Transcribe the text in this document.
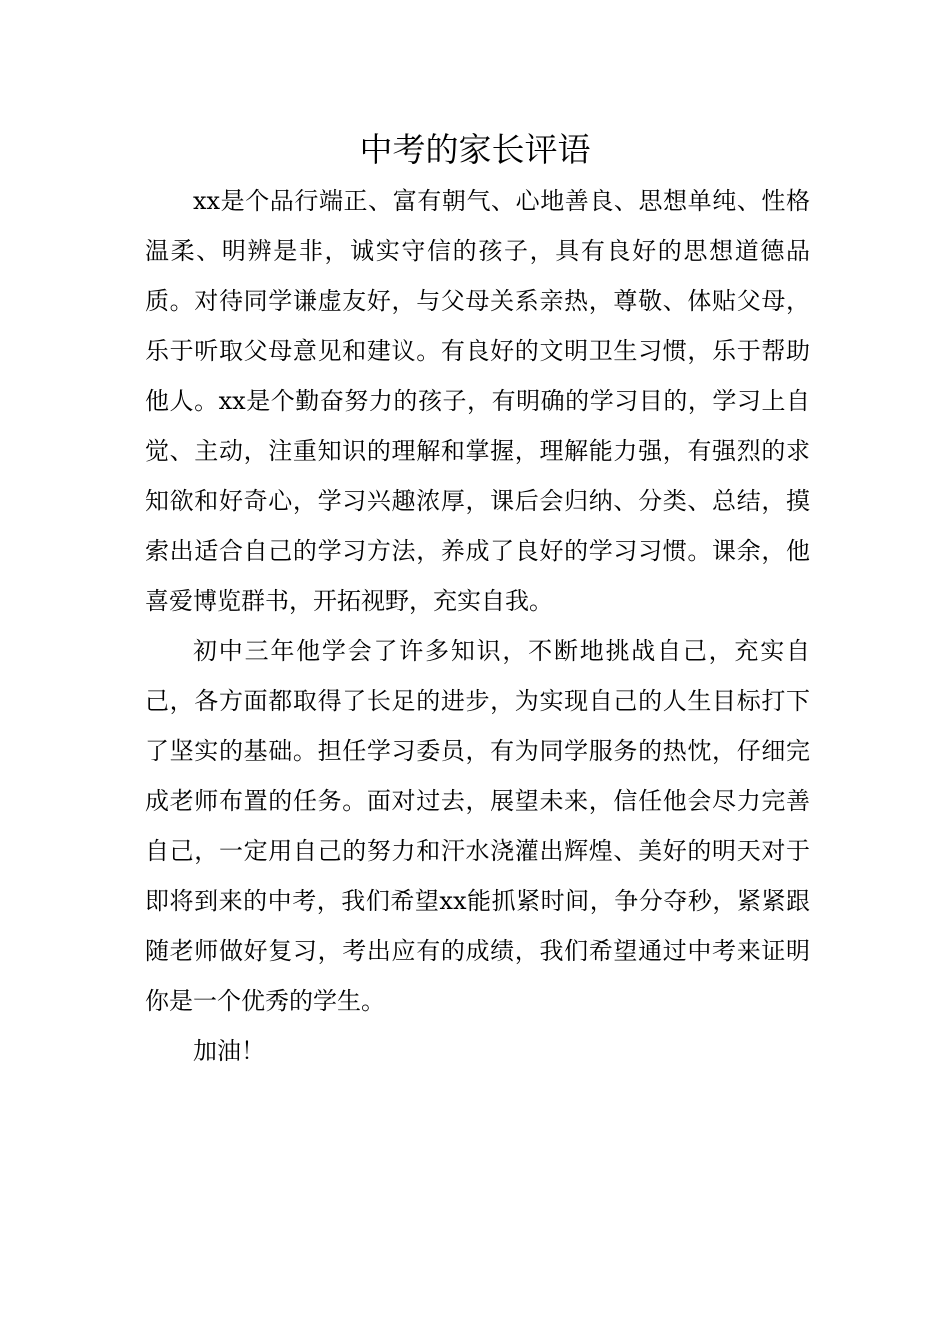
中考的家长评语

xx是个品行端正、富有朝气、心地善良、思想单纯、性格温柔、明辨是非，诚实守信的孩子，具有良好的思想道德品质。对待同学谦虚友好，与父母关系亲热，尊敬、体贴父母，乐于听取父母意见和建议。有良好的文明卫生习惯，乐于帮助他人。xx是个勤奋努力的孩子，有明确的学习目的，学习上自觉、主动，注重知识的理解和掌握，理解能力强，有强烈的求知欲和好奇心，学习兴趣浓厚，课后会归纳、分类、总结，摸索出适合自己的学习方法，养成了良好的学习习惯。课余，他喜爱博览群书，开拓视野，充实自我。

初中三年他学会了许多知识，不断地挑战自己，充实自己，各方面都取得了长足的进步，为实现自己的人生目标打下了坚实的基础。担任学习委员，有为同学服务的热忱，仔细完成老师布置的任务。面对过去，展望未来，信任他会尽力完善自己，一定用自己的努力和汗水浇灌出辉煌、美好的明天对于即将到来的中考，我们希望xx能抓紧时间，争分夺秒，紧紧跟随老师做好复习，考出应有的成绩，我们希望通过中考来证明你是一个优秀的学生。

加油！
